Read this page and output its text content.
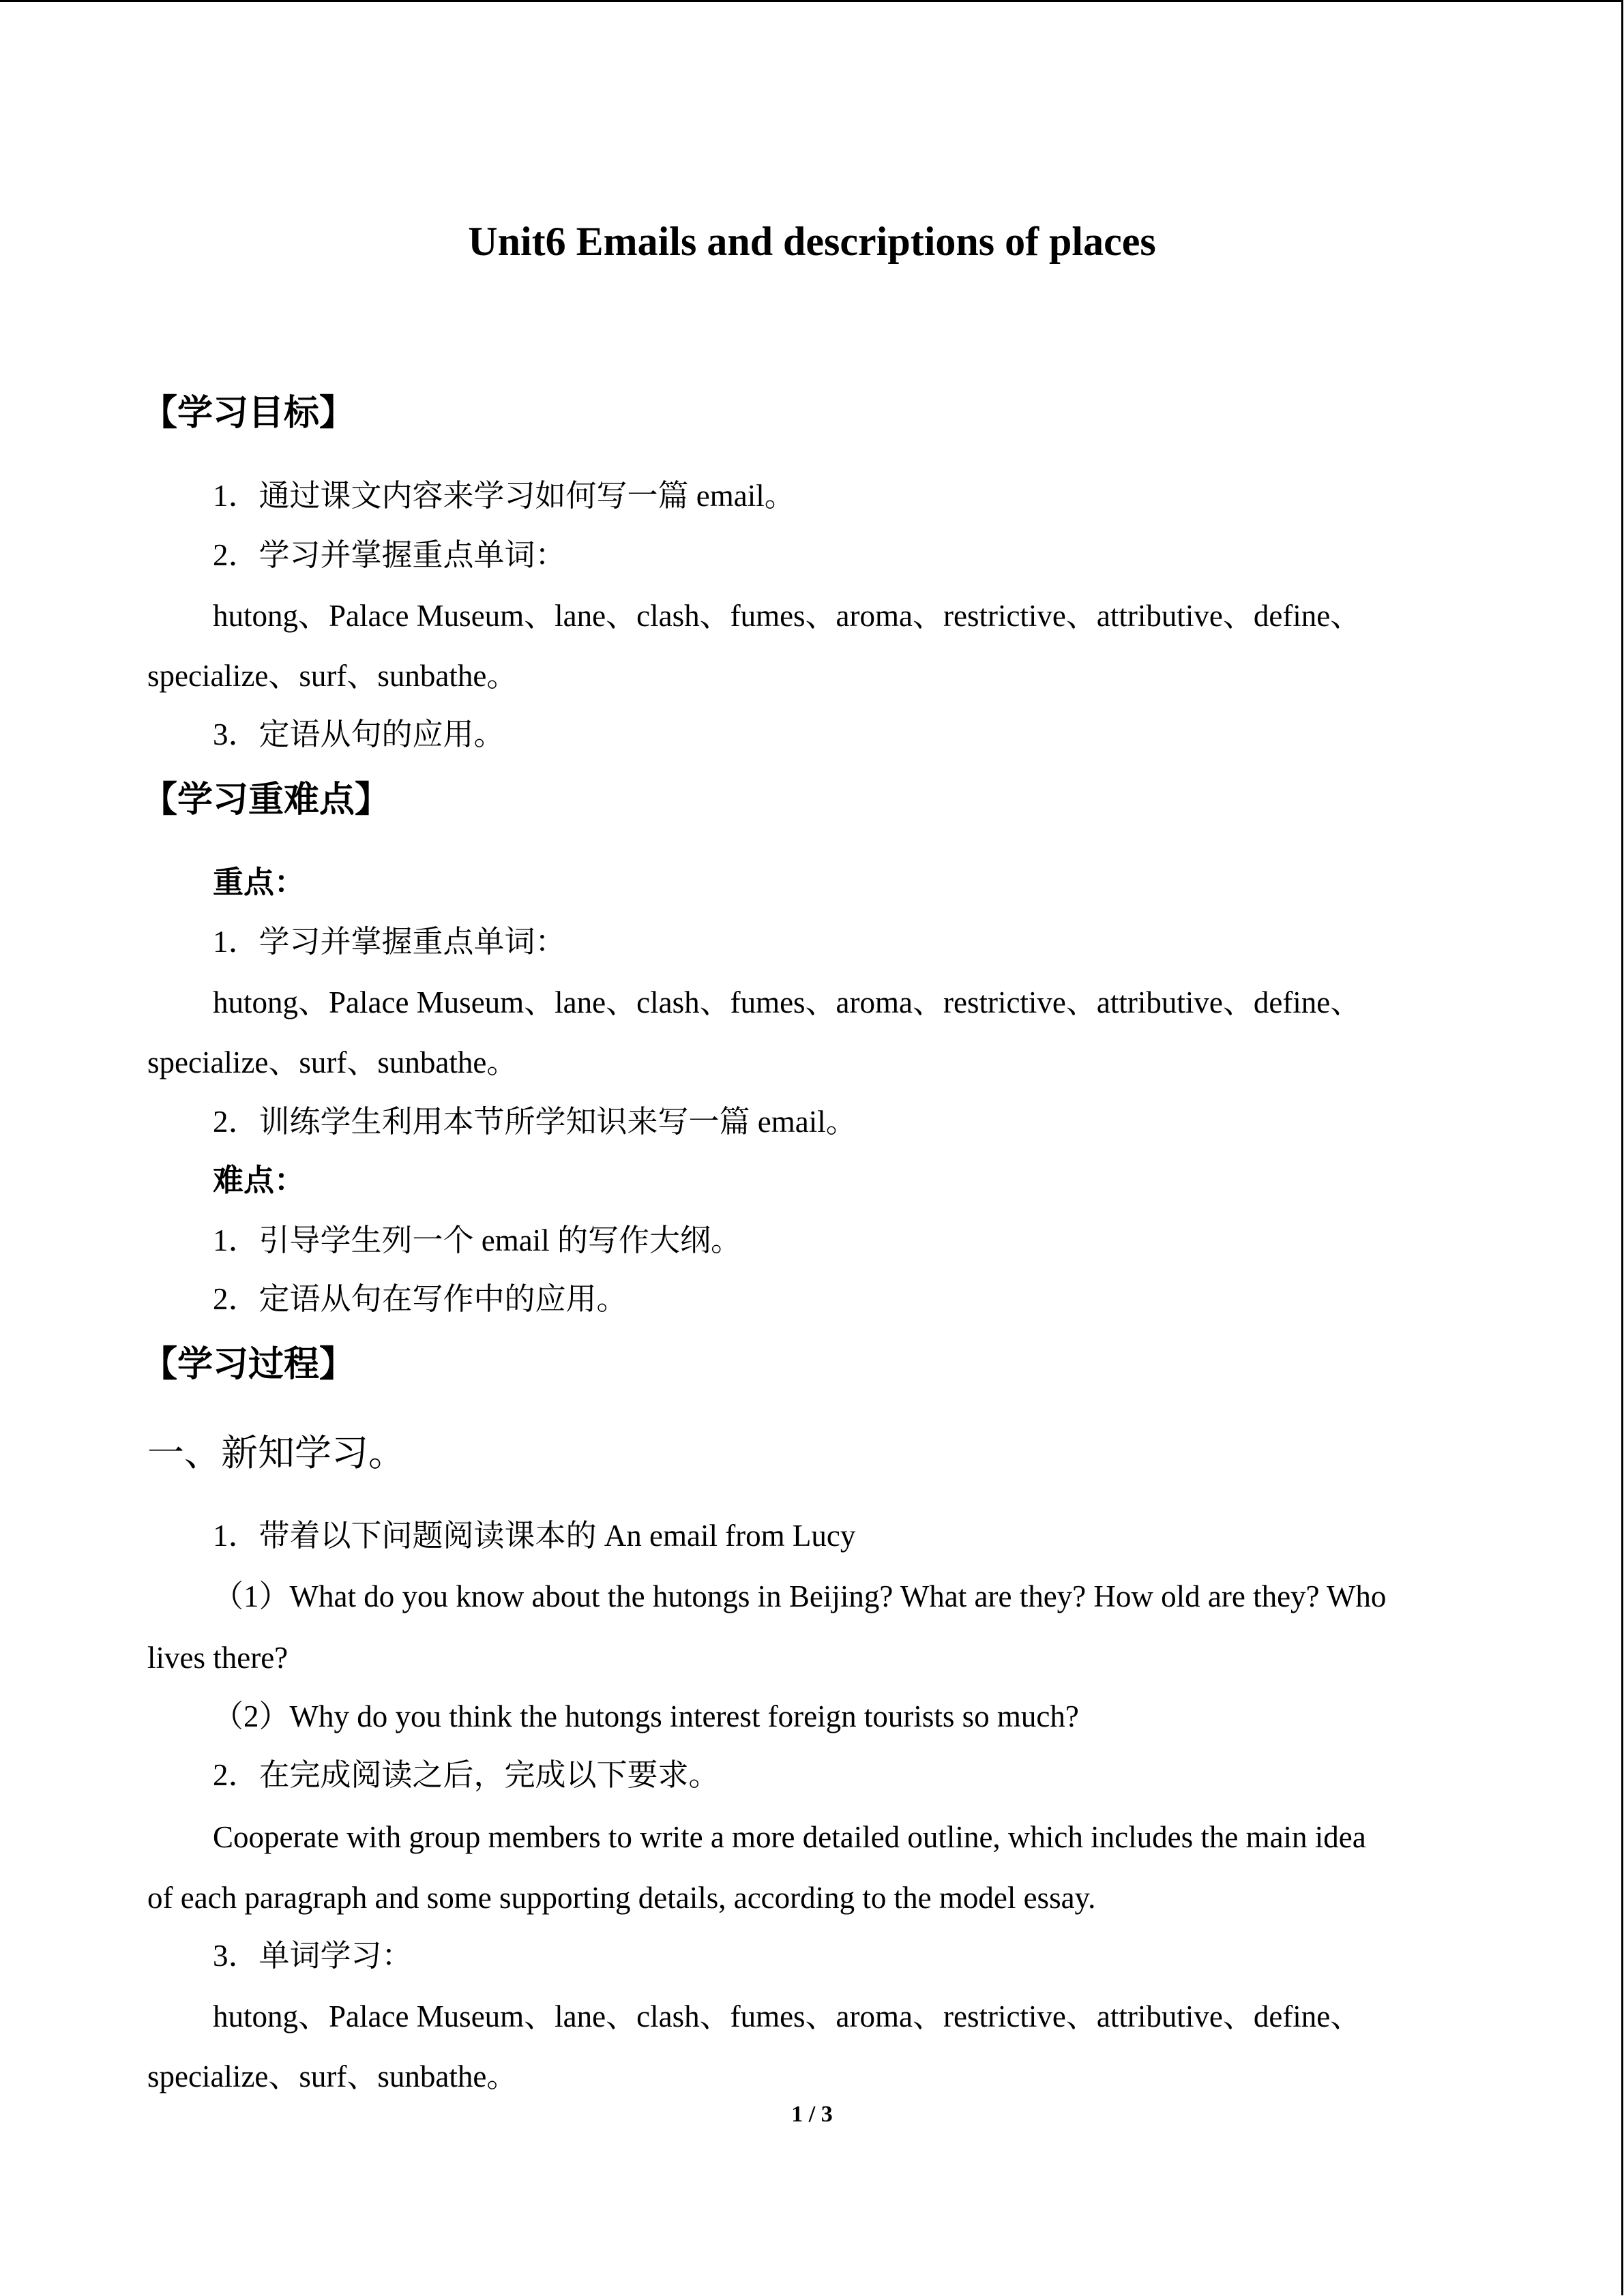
Unit6 Emails and descriptions of places
【学习目标】
1．通过课文内容来学习如何写一篇 email。
2．学习并掌握重点单词：
hutong、Palace Museum、lane、clash、fumes、aroma、restrictive、attributive、define、
specialize、surf、sunbathe。
3．定语从句的应用。
【学习重难点】
重点：
1．学习并掌握重点单词：
hutong、Palace Museum、lane、clash、fumes、aroma、restrictive、attributive、define、
specialize、surf、sunbathe。
2．训练学生利用本节所学知识来写一篇 email。
难点：
1．引导学生列一个 email 的写作大纲。
2．定语从句在写作中的应用。
【学习过程】
一、新知学习。
1．带着以下问题阅读课本的 An email from Lucy
（1）What do you know about the hutongs in Beijing? What are they? How old are they? Who
lives there?
（2）Why do you think the hutongs interest foreign tourists so much?
2．在完成阅读之后，完成以下要求。
Cooperate with group members to write a more detailed outline, which includes the main idea
of each paragraph and some supporting details, according to the model essay.
3．单词学习：
hutong、Palace Museum、lane、clash、fumes、aroma、restrictive、attributive、define、
specialize、surf、sunbathe。
1 / 3
